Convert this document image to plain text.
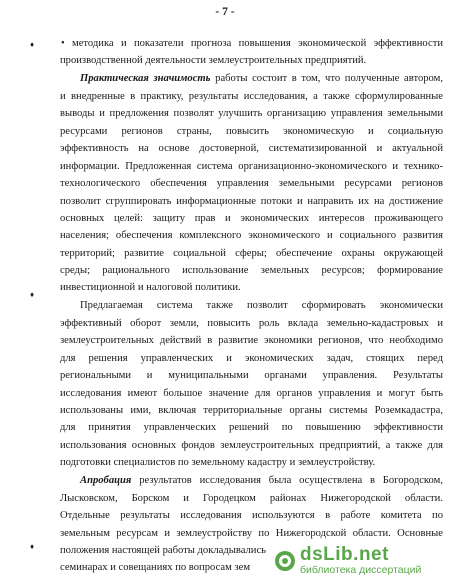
- 7 -
♦
♦
♦
• методика и показатели прогноза повышения экономической эффективности
производственной деятельности землеустроительных предприятий.
Практическая значимость работы состоит в том, что полученные автором,
и внедренные в практику, результаты исследования, а также сформулированные
выводы и предложения позволят улучшить организацию управления земельными
ресурсами регионов страны, повысить экономическую и социальную
эффективность на основе достоверной, систематизированной и актуальной
информации. Предложенная система организационно-экономического и технико-
технологического обеспечения управления земельными ресурсами регионов
позволит сгруппировать информационные потоки и направить их на достижение
основных целей: защиту прав и экономических интересов проживающего
населения; обеспечения комплексного экономического и социального развития
территорий; развитие социальной сферы; обеспечение охраны окружающей
среды; рационального использование земельных ресурсов; формирование
инвестиционной и налоговой политики.
Предлагаемая система также позволит сформировать экономически
эффективный оборот земли, повысить роль вклада земельно-кадастровых и
землеустроительных действий в развитие экономики регионов, что необходимо
для решения управленческих и экономических задач, стоящих перед
региональными и муниципальными органами управления. Результаты
исследования имеют большое значение для органов управления и могут быть
использованы ими, включая территориальные органы системы Роземкадастра,
для принятия управленческих решений по повышению эффективности
использования основных фондов землеустроительных предприятий, а также для
подготовки специалистов по земельному кадастру и землеустройству.
Апробация результатов исследования была осуществлена в Богородском,
Лысковском, Борском и Городецком районах Нижегородской области.
Отдельные результаты исследования используются в работе комитета по
земельным ресурсам и землеустройству по Нижегородской области. Основные
положения настоящей работы докладывались
семинарах и совещаниях по вопросам зем
dsLib.net
библиотека диссертаций
